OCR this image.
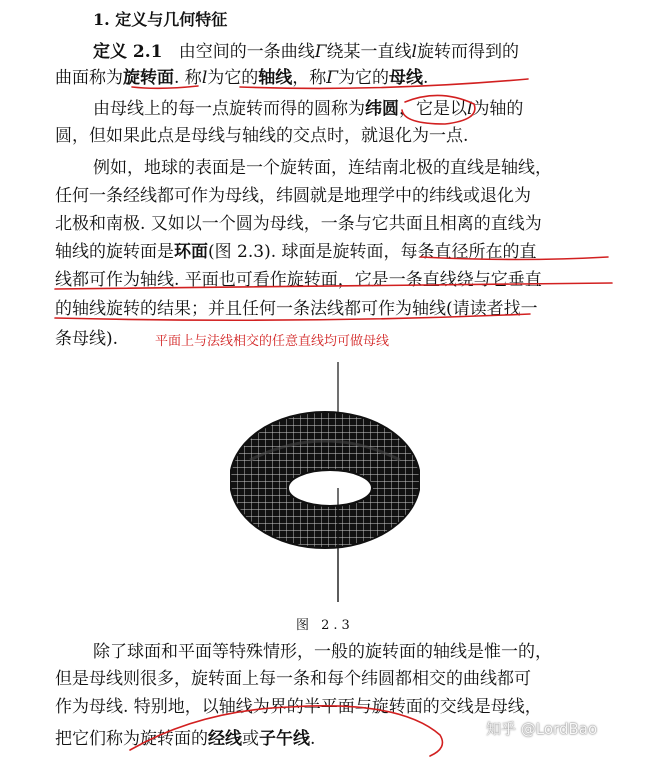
1. 定义与几何特征
定义 2.1 由空间的一条曲线Γ绕某一直线l旋转而得到的
曲面称为旋转面. 称l为它的轴线，称Γ为它的母线.
由母线上的每一点旋转而得的圆称为纬圆，它是以l为轴的
圆，但如果此点是母线与轴线的交点时，就退化为一点.
例如，地球的表面是一个旋转面，连结南北极的直线是轴线，
任何一条经线都可作为母线，纬圆就是地理学中的纬线或退化为
北极和南极. 又如以一个圆为母线，一条与它共面且相离的直线为
轴线的旋转面是环面(图 2.3). 球面是旋转面，每条直径所在的直
线都可作为轴线. 平面也可看作旋转面，它是一条直线绕与它垂直
的轴线旋转的结果；并且任何一条法线都可作为轴线(请读者找一
条母线).	平面上与法线相交的任意直线均可做母线
图 2.3
除了球面和平面等特殊情形，一般的旋转面的轴线是惟一的，
但是母线则很多，旋转面上每一条和每个纬圆都相交的曲线都可
作为母线. 特别地，以轴线为界的半平面与旋转面的交线是母线，
把它们称为旋转面的经线或子午线.	知乎 @LordBao
